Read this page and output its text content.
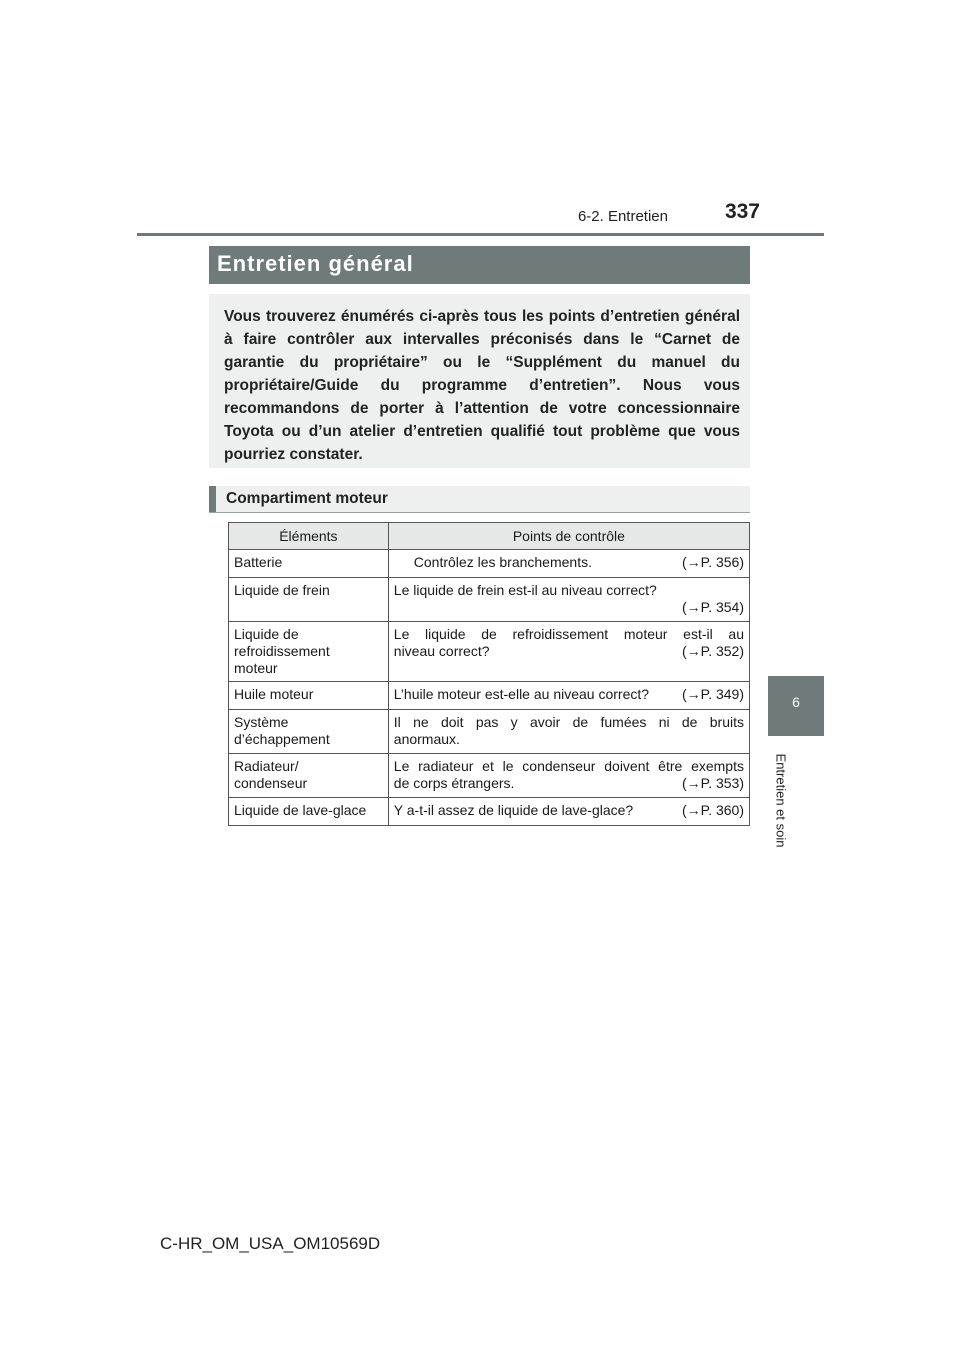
6-2. Entretien	337
6
Entretien et soin
Entretien général
Vous trouverez énumérés ci-après tous les points d’entretien général à faire contrôler aux intervalles préconisés dans le “Carnet de garantie du propriétaire” ou le “Supplément du manuel du propriétaire/Guide du programme d’entretien”. Nous vous recommandons de porter à l’attention de votre concessionnaire Toyota ou d’un atelier d’entretien qualifié tout problème que vous pourriez constater.
Compartiment moteur
Éléments	Points de contrôle
Batterie	Contrôlez les branchements. (→P. 356)

Liquide de frein	Le liquide de frein est-il au niveau correct?
(→P. 354)

Liquide de
refroidissement
moteur	Le liquide de refroidissement moteur est-il au
niveau correct? (→P. 352)

Huile moteur	L’huile moteur est-elle au niveau correct? (→P. 349)

Système
d’échappement	Il ne doit pas y avoir de fumées ni de bruits
anormaux.

Radiateur/
condenseur	Le radiateur et le condenseur doivent être exempts
de corps étrangers. (→P. 353)

Liquide de lave-glace	Y a-t-il assez de liquide de lave-glace? (→P. 360)
C-HR_OM_USA_OM10569D
